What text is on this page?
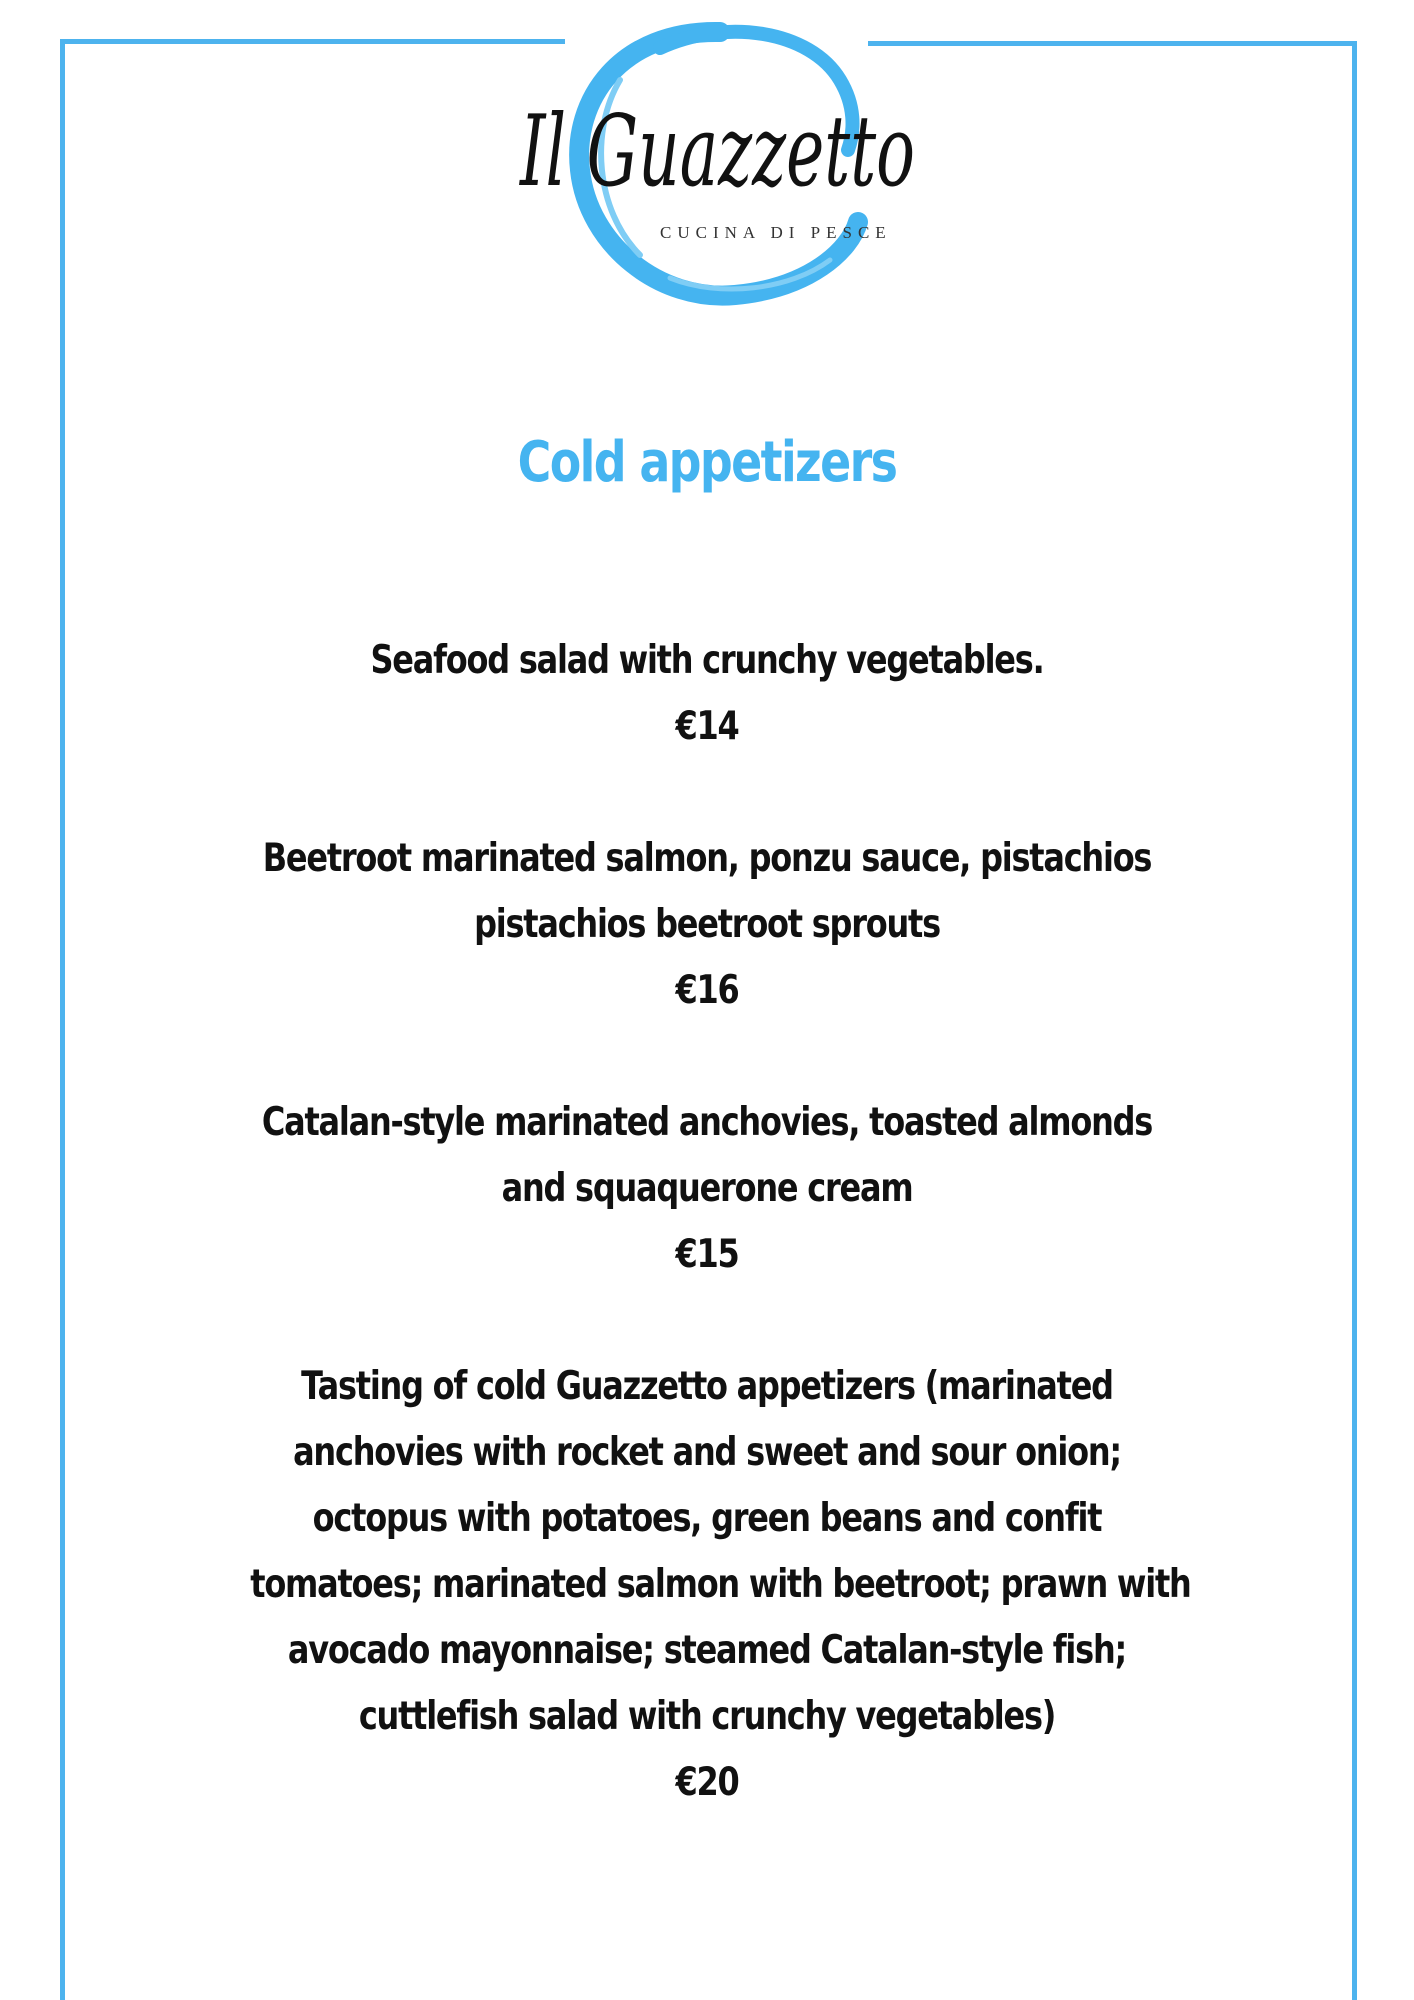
Il Guazzetto
CUCINA DI PESCE
Cold appetizers
Seafood salad with crunchy vegetables.
€14
Beetroot marinated salmon, ponzu sauce, pistachios
pistachios beetroot sprouts
€16
Catalan-style marinated anchovies, toasted almonds
and squaquerone cream
€15
Tasting of cold Guazzetto appetizers (marinated
anchovies with rocket and sweet and sour onion;
octopus with potatoes, green beans and confit
tomatoes; marinated salmon with beetroot; prawn with
avocado mayonnaise; steamed Catalan-style fish;
cuttlefish salad with crunchy vegetables)
€20
